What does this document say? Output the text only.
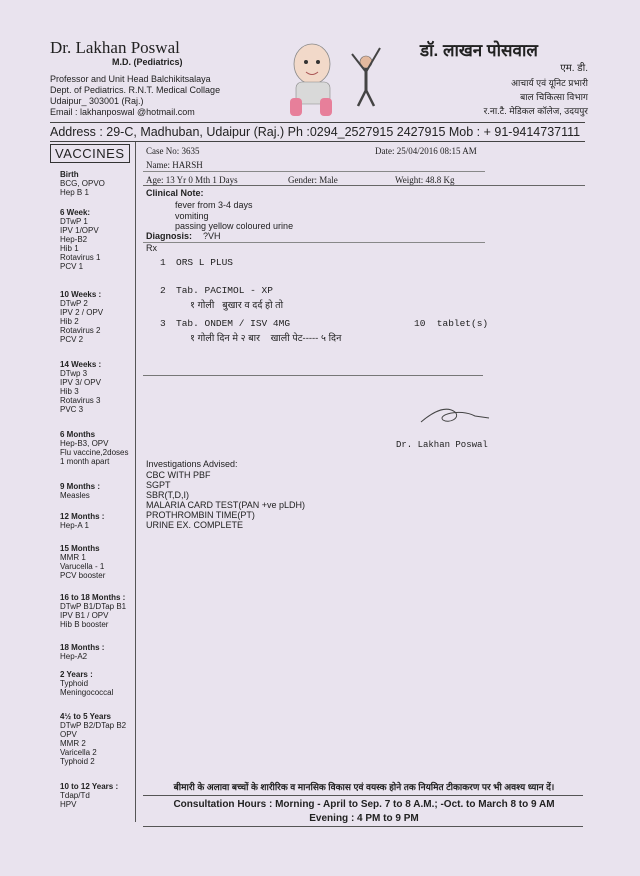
Dr. Lakhan Poswal
M.D. (Pediatrics)
Professor and Unit Head Balchikitsalaya
Dept. of Pediatrics. R.N.T. Medical Collage
Udaipur_ 303001 (Raj.)
Email : lakhanposwal @hotmail.com
डॉ. लाखन पोसवाल
एम. डी.
आचार्य एवं यूनिट प्रभारी
बाल चिकित्सा विभाग
र.ना.टै. मेडिकल कॉलेज, उदयपुर
Address : 29-C, Madhuban, Udaipur (Raj.) Ph :0294_2527915 2427915 Mob : + 91-9414737111
VACCINES
Birth
BCG, OPVO
Hep B 1
6 Week:
DTwP 1
IPV 1/OPV
Hep-B2
Hib 1
Rotavirus 1
PCV 1
10 Weeks :
DTwP 2
IPV 2 / OPV
Hib 2
Rotavirus 2
PCV 2
14 Weeks :
DTwp 3
IPV 3/ OPV
Hib 3
Rotavirus 3
PVC 3
6 Months
Hep-B3, OPV
Flu vaccine,2doses
1 month apart
9 Months :
Measles
12 Months :
Hep-A 1
15 Months
MMR 1
Varucella - 1
PCV booster
16 to 18 Months :
DTwP B1/DTap B1
IPV B1 / OPV
Hib B booster
18 Months :
Hep-A2
2 Years :
Typhoid
Meningococcal
4½ to 5 Years
DTwP B2/DTap B2
OPV
MMR 2
Varicella 2
Typhoid 2
10 to 12 Years :
Tdap/Td
HPV
Case No: 3635	Date: 25/04/2016 08:15 AM
Name: HARSH
Age: 13 Yr 0 Mth 1 Days	Gender: Male	Weight: 48.8 Kg
Clinical Note:
fever from 3-4 days
vomiting
passing yellow coloured urine
Diagnosis: ?VH
Rx
1 ORS L PLUS
2 Tab. PACIMOL - XP
१ गोली   बुखार व दर्द हो तो
3 Tab. ONDEM / ISV 4MG	10  tablet(s)
१ गोली दिन मे २ बार    खाली पेट----- ५ दिन
Dr. Lakhan Poswal
Investigations Advised:
CBC WITH PBF
SGPT
SBR(T,D,I)
MALARIA CARD TEST(PAN +ve pLDH)
PROTHROMBIN TIME(PT)
URINE EX. COMPLETE
बीमारी के अलावा बच्चों के शारीरिक व मानसिक विकास एवं वयस्क होने तक नियमित टीकाकरण पर भी अवश्य ध्यान दें।
Consultation Hours : Morning - April to Sep. 7 to 8 A.M.; -Oct. to March 8 to 9 AM
Evening : 4 PM to 9 PM
